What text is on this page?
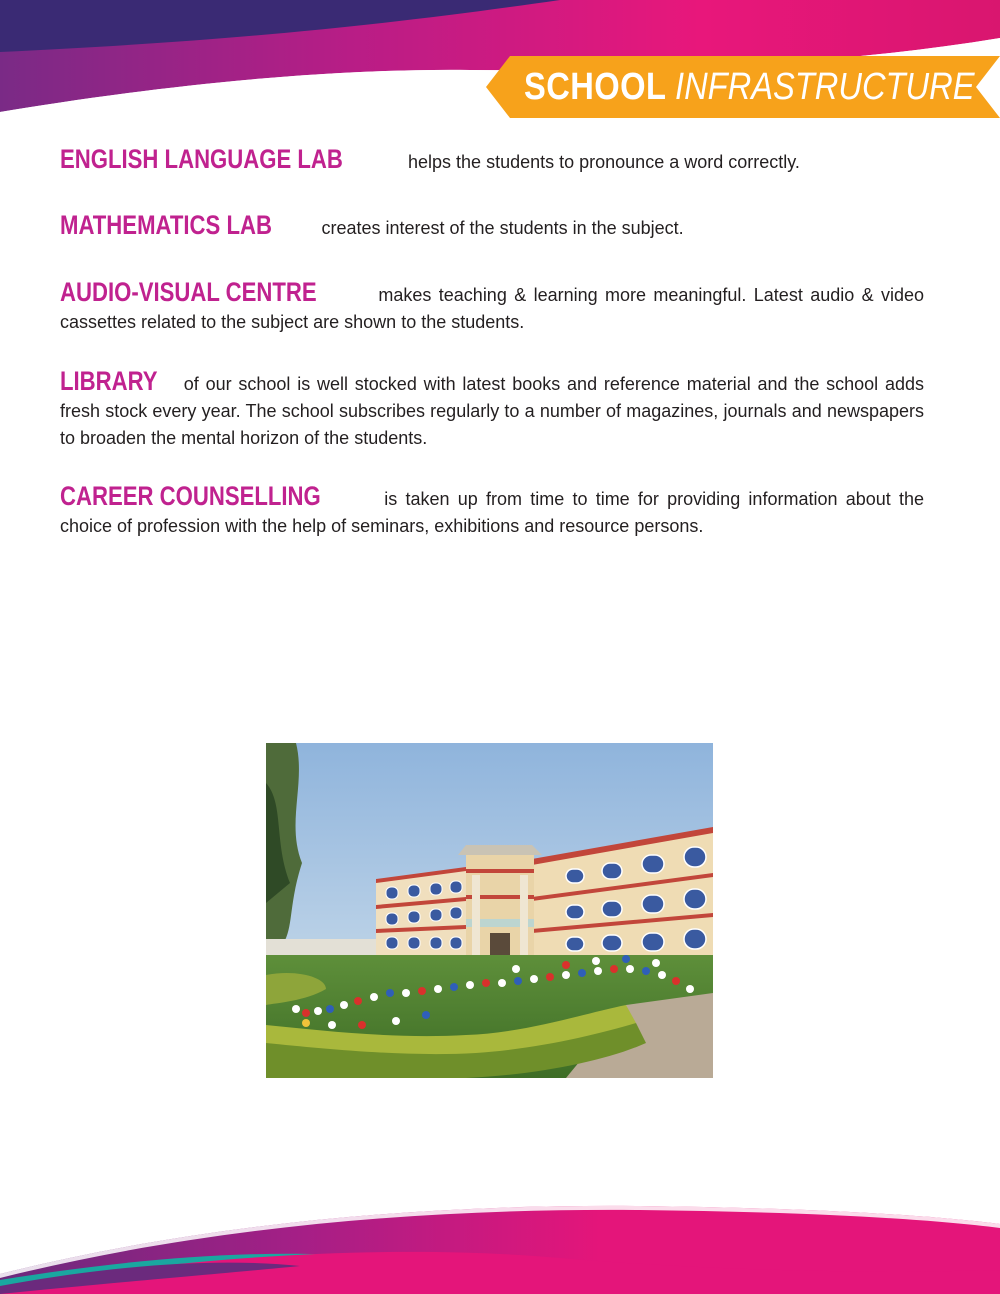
SCHOOL INFRASTRUCTURE

ENGLISH LANGUAGE LAB	helps the students to pronounce a word correctly.

MATHEMATICS LAB creates interest of the students in the subject.

AUDIO-VISUAL CENTRE	makes teaching & learning more meaningful. Latest audio & video cassettes related to the subject are shown to the students.

LIBRARY of our school is well stocked with latest books and reference material and the school adds fresh stock every year. The school subscribes regularly to a number of magazines, journals and newspapers to broaden the mental horizon of the students.

CAREER COUNSELLING	is taken up from time to time for providing information about the choice of profession with the help of seminars, exhibitions and resource persons.
